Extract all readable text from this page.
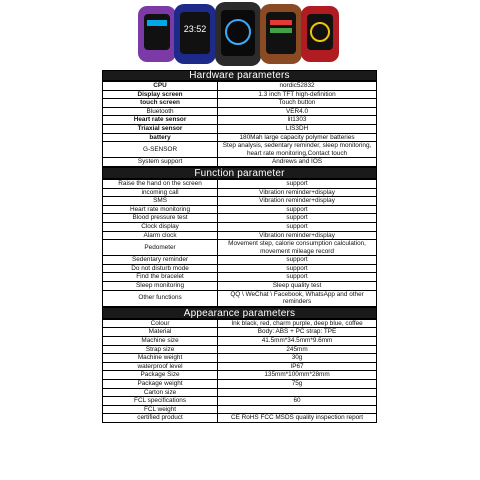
23:52
Hardware parameters
CPU	nordic52832
Display screen	1.3 inch TFT high-definition
touch screen	Touch button
Bluetooth	VER4.0
Heart rate sensor	lit1303
Triaxial sensor	LIS3DH
battery	180Mah large capacity polymer batteries
G-SENSOR	Step analysis, sedentary reminder, sleep monitoring, heart rate monitoring,Contact touch
System support	Andrews and IOS
Function parameter
Raise the hand on the screen	support
incoming call	Vibration reminder+display
SMS	Vibration reminder+display
Heart rate monitoring	support
Blood pressure test	support
Clock display	support
Alarm clock	Vibration reminder+display
Pedometer	Movement step, calorie consumption calculation, movement mileage record
Sedentary reminder	support
Do not disturb mode	support
Find the bracelet	support
Sleep monitoring	Sleep quality test
Other functions	QQ \ WeChat \ Facebook, WhatsApp and other reminders
Appearance parameters
Colour	Ink black, red, charm purple, deep blue, coffee
Material	Body: ABS + PC strap: TPE
Machine size	41.5mm*34.5mm*9.6mm
Strap size	245mm
Machine weight	30g
waterproof level	IP67
Package Size	135mm*100mm*28mm
Package weight	75g
Carton size	
FCL specifications	60
FCL weight	
certified product	CE RoHS FCC MSDS quality inspection report
